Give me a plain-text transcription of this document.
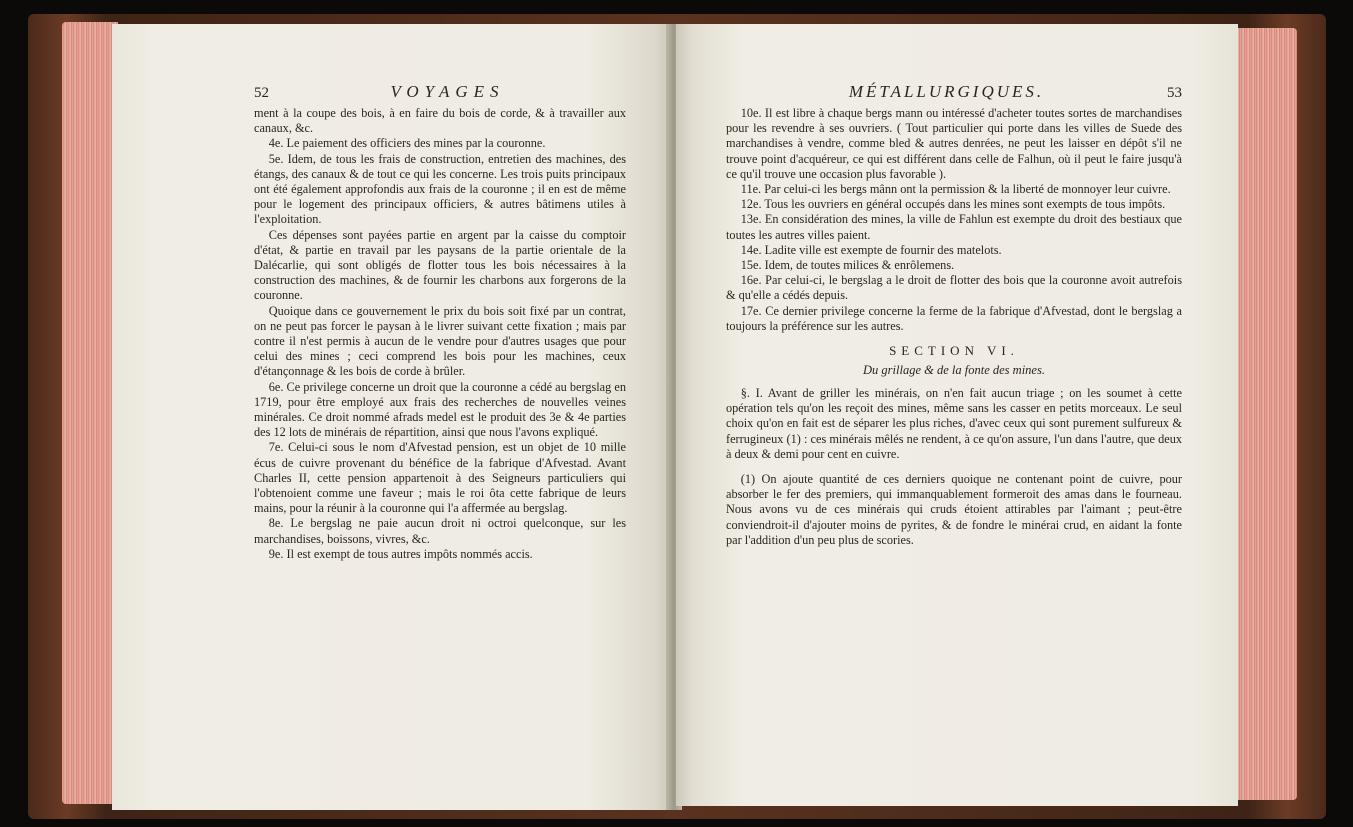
52	VOYAGES

ment à la coupe des bois, à en faire du bois de corde, & à travailler aux canaux, &c.

4e. Le paiement des officiers des mines par la couronne.

5e. Idem, de tous les frais de construction, entretien des machines, des étangs, des canaux & de tout ce qui les concerne. Les trois puits principaux ont été également approfondis aux frais de la couronne ; il en est de même pour le logement des principaux officiers, & autres bâtimens utiles à l'exploitation.

Ces dépenses sont payées partie en argent par la caisse du comptoir d'état, & partie en travail par les paysans de la partie orientale de la Dalécarlie, qui sont obligés de flotter tous les bois nécessaires à la construction des machines, & de fournir les charbons aux forgerons de la couronne.

Quoique dans ce gouvernement le prix du bois soit fixé par un contrat, on ne peut pas forcer le paysan à le livrer suivant cette fixation ; mais par contre il n'est permis à aucun de le vendre pour d'autres usages que pour celui des mines ; ceci comprend les bois pour les machines, ceux d'étançonnage & les bois de corde à brûler.

6e. Ce privilege concerne un droit que la couronne a cédé au bergslag en 1719, pour être employé aux frais des recherches de nouvelles veines minérales. Ce droit nommé afrads medel est le produit des 3e & 4e parties des 12 lots de minérais de répartition, ainsi que nous l'avons expliqué.

7e. Celui-ci sous le nom d'Afvestad pension, est un objet de 10 mille écus de cuivre provenant du bénéfice de la fabrique d'Afvestad. Avant Charles II, cette pension appartenoit à des Seigneurs particuliers qui l'obtenoient comme une faveur ; mais le roi ôta cette fabrique de leurs mains, pour la réunir à la couronne qui l'a affermée au bergslag.

8e. Le bergslag ne paie aucun droit ni octroi quelconque, sur les marchandises, boissons, vivres, &c.

9e. Il est exempt de tous autres impôts nommés accis.

MÉTALLURGIQUES.	53

10e. Il est libre à chaque bergs mann ou intéressé d'acheter toutes sortes de marchandises pour les revendre à ses ouvriers. ( Tout particulier qui porte dans les villes de Suede des marchandises à vendre, comme bled & autres denrées, ne peut les laisser en dépôt s'il ne trouve point d'acquéreur, ce qui est différent dans celle de Falhun, où il peut le faire jusqu'à ce qu'il trouve une occasion plus favorable ).

11e. Par celui-ci les bergs mânn ont la permission & la liberté de monnoyer leur cuivre.

12e. Tous les ouvriers en général occupés dans les mines sont exempts de tous impôts.

13e. En considération des mines, la ville de Fahlun est exempte du droit des bestiaux que toutes les autres villes paient.

14e. Ladite ville est exempte de fournir des matelots.

15e. Idem, de toutes milices & enrôlemens.

16e. Par celui-ci, le bergslag a le droit de flotter des bois que la couronne avoit autrefois & qu'elle a cédés depuis.

17e. Ce dernier privilege concerne la ferme de la fabrique d'Afvestad, dont le bergslag a toujours la préférence sur les autres.

SECTION VI.
Du grillage & de la fonte des mines.

§. I. Avant de griller les minérais, on n'en fait aucun triage ; on les soumet à cette opération tels qu'on les reçoit des mines, même sans les casser en petits morceaux. Le seul choix qu'on en fait est de séparer les plus riches, d'avec ceux qui sont purement sulfureux & ferrugineux (1) : ces minérais mêlés ne rendent, à ce qu'on assure, l'un dans l'autre, que deux à deux & demi pour cent en cuivre.

(1) On ajoute quantité de ces derniers quoique ne contenant point de cuivre, pour absorber le fer des premiers, qui immanquablement formeroit des amas dans le fourneau. Nous avons vu de ces minérais qui cruds étoient attirables par l'aimant ; peut-être conviendroit-il d'ajouter moins de pyrites, & de fondre le minérai crud, en aidant la fonte par l'addition d'un peu plus de scories.
